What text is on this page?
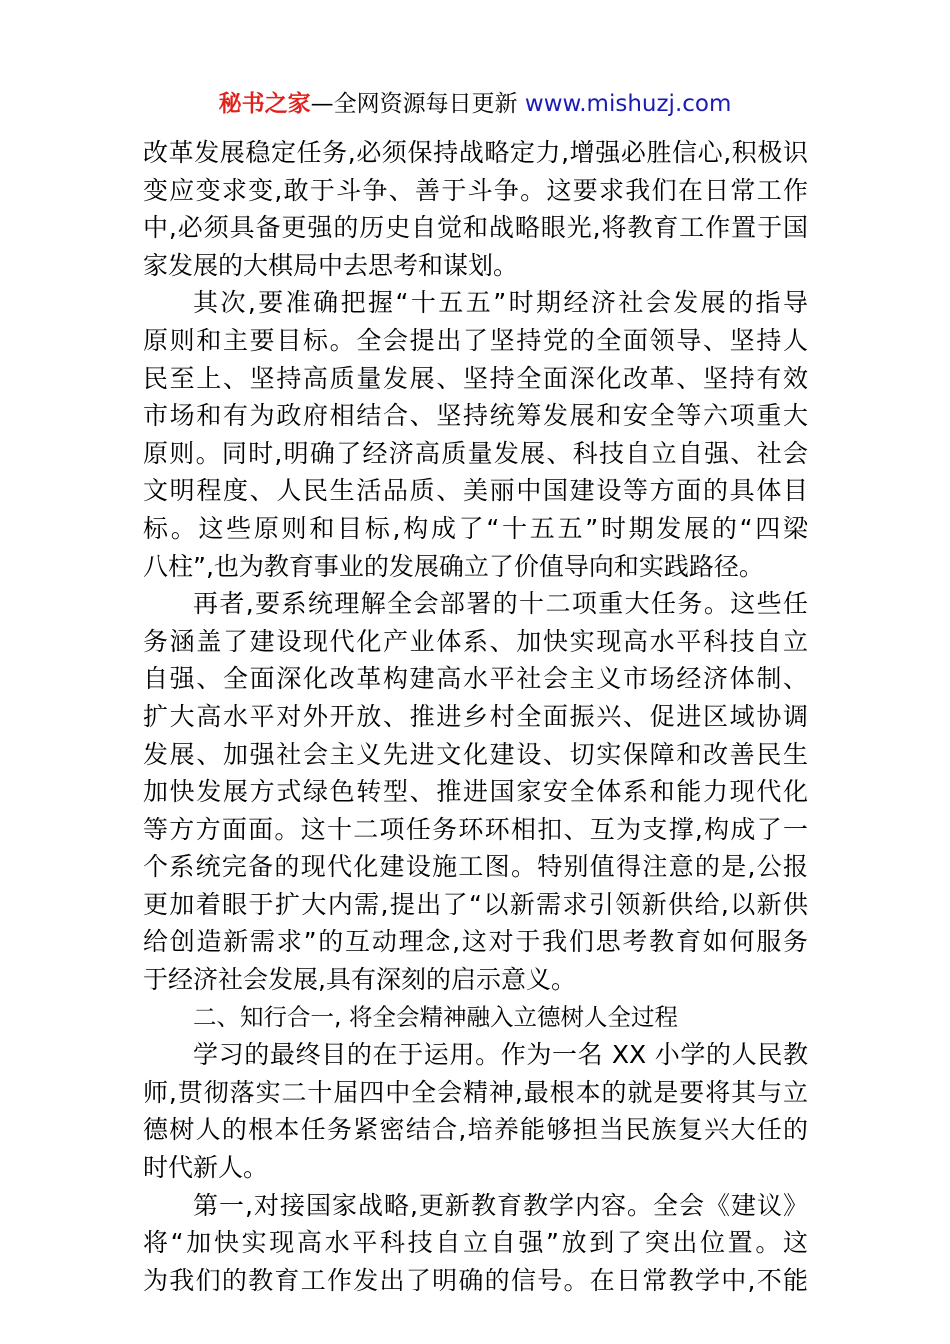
秘书之家—全网资源每日更新 www.mishuzj.com
改革发展稳定任务,必须保持战略定力,增强必胜信心,积极识
变应变求变,敢于斗争、善于斗争。这要求我们在日常工作
中,必须具备更强的历史自觉和战略眼光,将教育工作置于国
家发展的大棋局中去思考和谋划。
其次,要准确把握“十五五”时期经济社会发展的指导
原则和主要目标。全会提出了坚持党的全面领导、坚持人
民至上、坚持高质量发展、坚持全面深化改革、坚持有效
市场和有为政府相结合、坚持统筹发展和安全等六项重大
原则。同时,明确了经济高质量发展、科技自立自强、社会
文明程度、人民生活品质、美丽中国建设等方面的具体目
标。这些原则和目标,构成了“十五五”时期发展的“四梁
八柱”,也为教育事业的发展确立了价值导向和实践路径。
再者,要系统理解全会部署的十二项重大任务。这些任
务涵盖了建设现代化产业体系、加快实现高水平科技自立
自强、全面深化改革构建高水平社会主义市场经济体制、
扩大高水平对外开放、推进乡村全面振兴、促进区域协调
发展、加强社会主义先进文化建设、切实保障和改善民生
加快发展方式绿色转型、推进国家安全体系和能力现代化
等方方面面。这十二项任务环环相扣、互为支撑,构成了一
个系统完备的现代化建设施工图。特别值得注意的是,公报
更加着眼于扩大内需,提出了“以新需求引领新供给,以新供
给创造新需求”的互动理念,这对于我们思考教育如何服务
于经济社会发展,具有深刻的启示意义。
二、知行合一, 将全会精神融入立德树人全过程
学习的最终目的在于运用。作为一名 XX 小学的人民教
师,贯彻落实二十届四中全会精神,最根本的就是要将其与立
德树人的根本任务紧密结合,培养能够担当民族复兴大任的
时代新人。
第一,对接国家战略,更新教育教学内容。全会《建议》
将“加快实现高水平科技自立自强”放到了突出位置。这
为我们的教育工作发出了明确的信号。在日常教学中,不能
